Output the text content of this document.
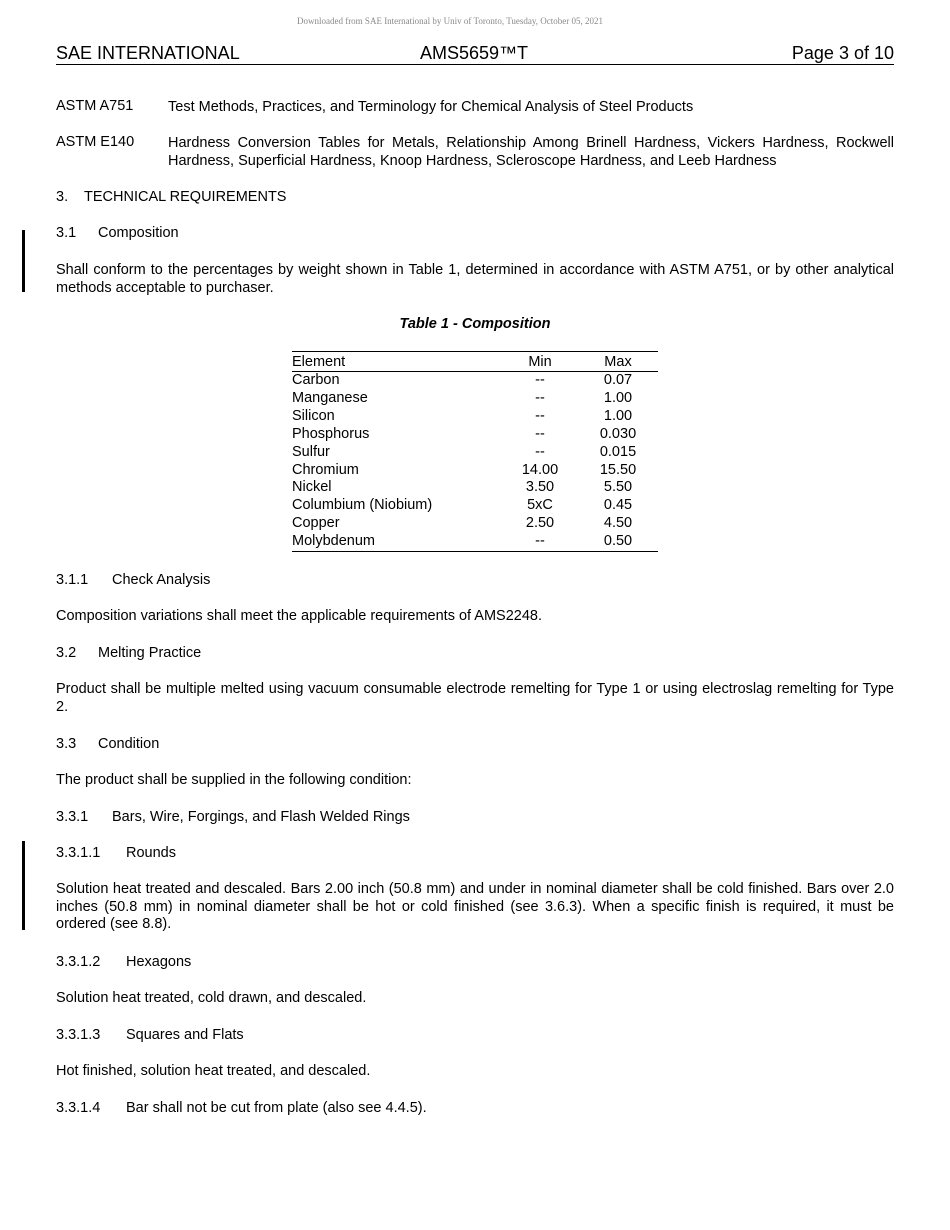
Downloaded from SAE International by Univ of Toronto, Tuesday, October 05, 2021
SAE INTERNATIONAL	AMS5659™T	Page 3 of 10
ASTM A751 Test Methods, Practices, and Terminology for Chemical Analysis of Steel Products
ASTM E140 Hardness Conversion Tables for Metals, Relationship Among Brinell Hardness, Vickers Hardness, Rockwell Hardness, Superficial Hardness, Knoop Hardness, Scleroscope Hardness, and Leeb Hardness
3. TECHNICAL REQUIREMENTS
3.1 Composition
Shall conform to the percentages by weight shown in Table 1, determined in accordance with ASTM A751, or by other analytical methods acceptable to purchaser.
Table 1 - Composition
Element	Min	Max
Carbon	--	0.07
Manganese	--	1.00
Silicon	--	1.00
Phosphorus	--	0.030
Sulfur	--	0.015
Chromium	14.00	15.50
Nickel	3.50	5.50
Columbium (Niobium)	5xC	0.45
Copper	2.50	4.50
Molybdenum	--	0.50
3.1.1 Check Analysis
Composition variations shall meet the applicable requirements of AMS2248.
3.2 Melting Practice
Product shall be multiple melted using vacuum consumable electrode remelting for Type 1 or using electroslag remelting for Type 2.
3.3 Condition
The product shall be supplied in the following condition:
3.3.1 Bars, Wire, Forgings, and Flash Welded Rings
3.3.1.1 Rounds
Solution heat treated and descaled. Bars 2.00 inch (50.8 mm) and under in nominal diameter shall be cold finished. Bars over 2.0 inches (50.8 mm) in nominal diameter shall be hot or cold finished (see 3.6.3). When a specific finish is required, it must be ordered (see 8.8).
3.3.1.2 Hexagons
Solution heat treated, cold drawn, and descaled.
3.3.1.3 Squares and Flats
Hot finished, solution heat treated, and descaled.
3.3.1.4 Bar shall not be cut from plate (also see 4.4.5).
